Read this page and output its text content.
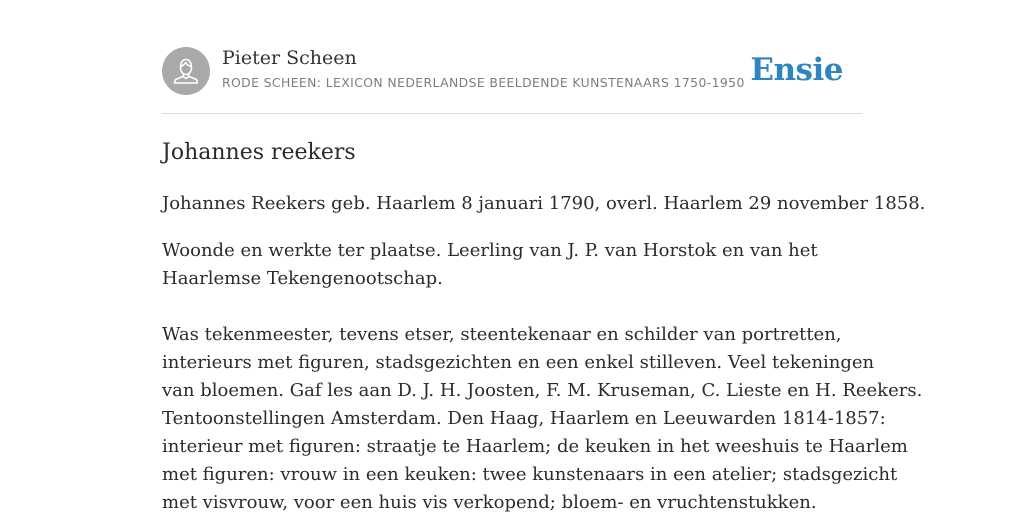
Pieter Scheen
RODE SCHEEN: LEXICON NEDERLANDSE BEELDENDE KUNSTENAARS 1750-1950 Ensie
Johannes reekers

Johannes Reekers geb. Haarlem 8 januari 1790, overl. Haarlem 29 november 1858.

Woonde en werkte ter plaatse. Leerling van J. P. van Horstok en van het
Haarlemse Tekengenootschap.

Was tekenmeester, tevens etser, steentekenaar en schilder van portretten,
interieurs met figuren, stadsgezichten en een enkel stilleven. Veel tekeningen
van bloemen. Gaf les aan D. J. H. Joosten, F. M. Kruseman, C. Lieste en H. Reekers.
Tentoonstellingen Amsterdam. Den Haag, Haarlem en Leeuwarden 1814-1857:
interieur met figuren: straatje te Haarlem; de keuken in het weeshuis te Haarlem
met figuren: vrouw in een keuken: twee kunstenaars in een atelier; stadsgezicht
met visvrouw, voor een huis vis verkopend; bloem- en vruchtenstukken.
